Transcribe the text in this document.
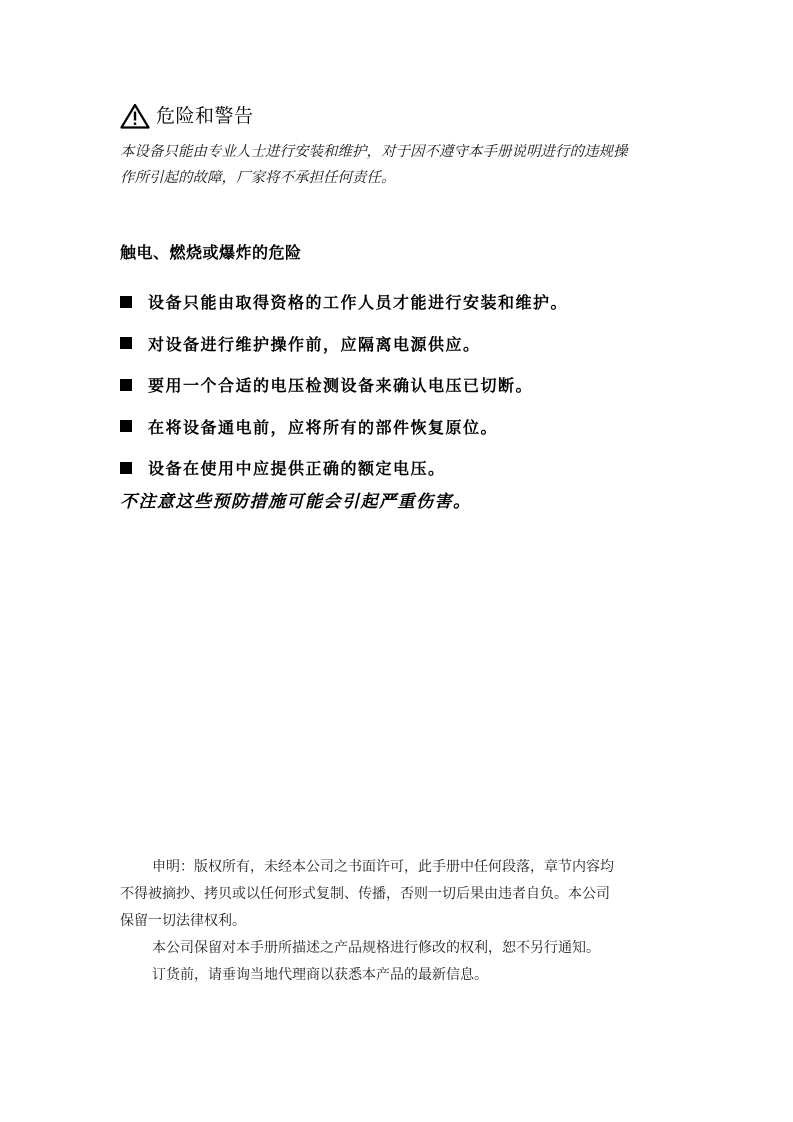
危险和警告

本设备只能由专业人士进行安装和维护，对于因不遵守本手册说明进行的违规操

作所引起的故障，厂家将不承担任何责任。

触电、燃烧或爆炸的危险
设备只能由取得资格的工作人员才能进行安装和维护。
对设备进行维护操作前，应隔离电源供应。
要用一个合适的电压检测设备来确认电压已切断。
在将设备通电前，应将所有的部件恢复原位。
设备在使用中应提供正确的额定电压。
不注意这些预防措施可能会引起严重伤害。

申明：版权所有，未经本公司之书面许可，此手册中任何段落，章节内容均

不得被摘抄、拷贝或以任何形式复制、传播，否则一切后果由违者自负。本公司

保留一切法律权利。

本公司保留对本手册所描述之产品规格进行修改的权利，恕不另行通知。

订货前，请垂询当地代理商以获悉本产品的最新信息。
